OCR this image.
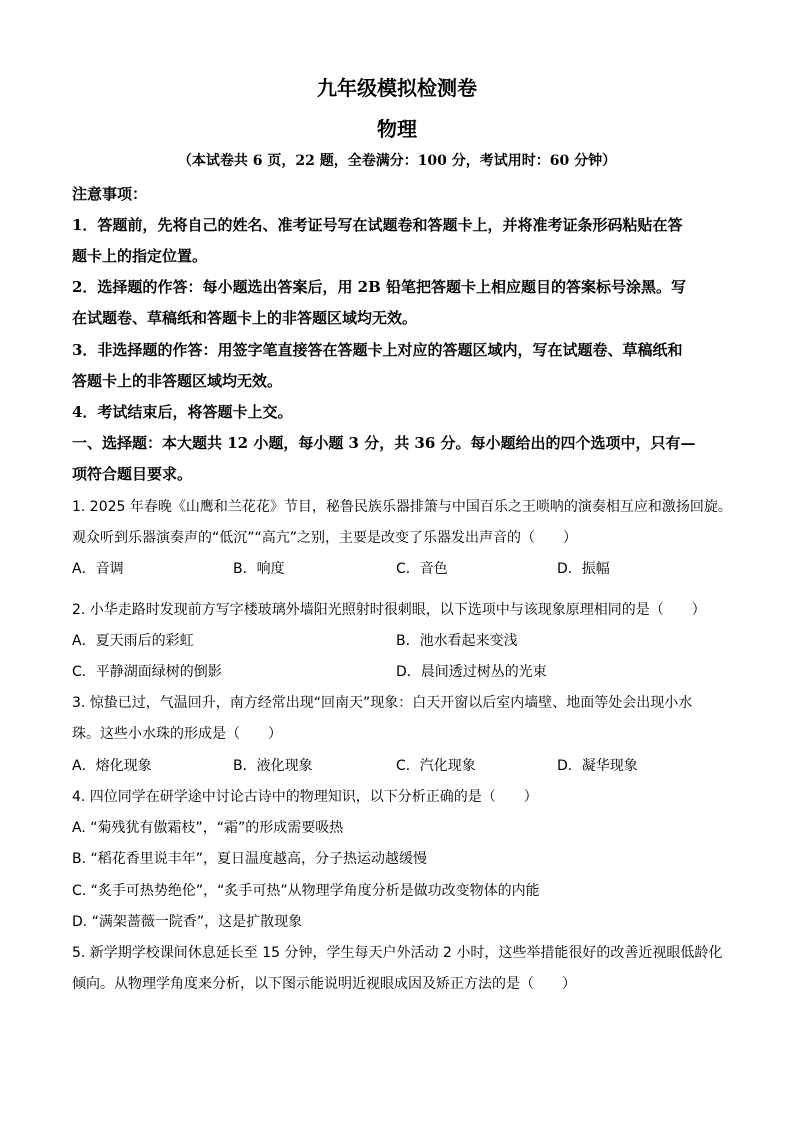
九年级模拟检测卷
物理
（本试卷共 6 页，22 题，全卷满分：100 分，考试用时：60 分钟）
注意事项：
1．答题前，先将自己的姓名、准考证号写在试题卷和答题卡上，并将准考证条形码粘贴在答
题卡上的指定位置。
2．选择题的作答：每小题选出答案后，用 2B 铅笔把答题卡上相应题目的答案标号涂黑。写
在试题卷、草稿纸和答题卡上的非答题区域均无效。
3．非选择题的作答：用签字笔直接答在答题卡上对应的答题区域内，写在试题卷、草稿纸和
答题卡上的非答题区域均无效。
4．考试结束后，将答题卡上交。
一、选择题：本大题共 12 小题，每小题 3 分，共 36 分。每小题给出的四个选项中，只有—
项符合题目要求。
1. 2025 年春晚《山鹰和兰花花》节目，秘鲁民族乐器排箫与中国百乐之王唢呐的演奏相互应和激扬回旋。
观众听到乐器演奏声的“低沉”“高亢”之别，主要是改变了乐器发出声音的（　　）
A．音调	B．响度	C．音色	D．振幅
2. 小华走路时发现前方写字楼玻璃外墙阳光照射时很刺眼，以下选项中与该现象原理相同的是（　　）
A．夏天雨后的彩虹	B．池水看起来变浅
C．平静湖面绿树的倒影	D．晨间透过树丛的光束
3. 惊蛰已过，气温回升，南方经常出现“回南天”现象：白天开窗以后室内墙壁、地面等处会出现小水
珠。这些小水珠的形成是（　　）
A．熔化现象	B．液化现象	C．汽化现象	D．凝华现象
4. 四位同学在研学途中讨论古诗中的物理知识，以下分析正确的是（　　）
A. “菊残犹有傲霜枝”，“霜”的形成需要吸热
B. “稻花香里说丰年”，夏日温度越高，分子热运动越缓慢
C. “炙手可热势绝伦”，“炙手可热”从物理学角度分析是做功改变物体的内能
D. “满架蔷薇一院香”，这是扩散现象
5. 新学期学校课间休息延长至 15 分钟，学生每天户外活动 2 小时，这些举措能很好的改善近视眼低龄化
倾向。从物理学角度来分析，以下图示能说明近视眼成因及矫正方法的是（　　）
